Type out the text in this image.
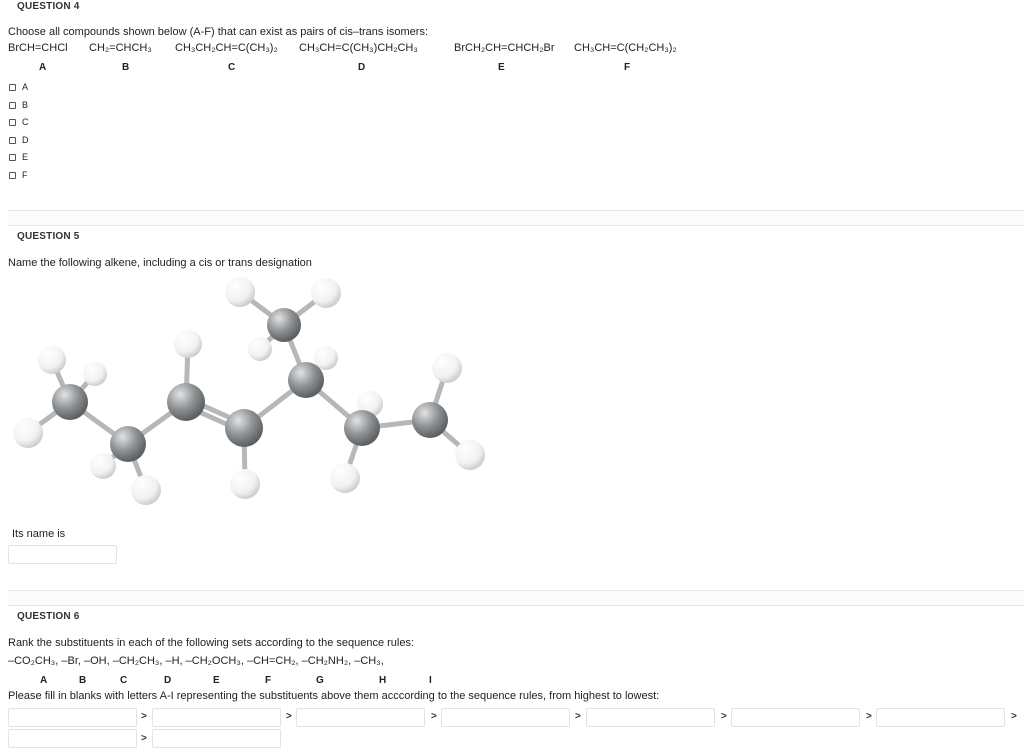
QUESTION 4
Choose all compounds shown below (A-F) that can exist as pairs of cis–trans isomers:
BrCH=CHCl CH₂=CHCH₃ CH₃CH₂CH=C(CH₃)₂ CH₃CH=C(CH₃)CH₂CH₃	BrCH₂CH=CHCH₂Br CH₃CH=C(CH₂CH₃)₂
A	B	C	D	E	F
A
B
C
D
E
F
QUESTION 5
Name the following alkene, including a cis or trans designation
Its name is
QUESTION 6
Rank the substituents in each of the following sets according to the sequence rules:
–CO₂CH₃, –Br, –OH, –CH₂CH₃, –H, –CH₂OCH₃, –CH=CH₂, –CH₂NH₂, –CH₃,
A	B	C	D	E	F	G	H	I
Please fill in blanks with letters A-I representing the substituents above them acccording to the sequence rules, from highest to lowest:
>	>	>	>	>	>	>
>
